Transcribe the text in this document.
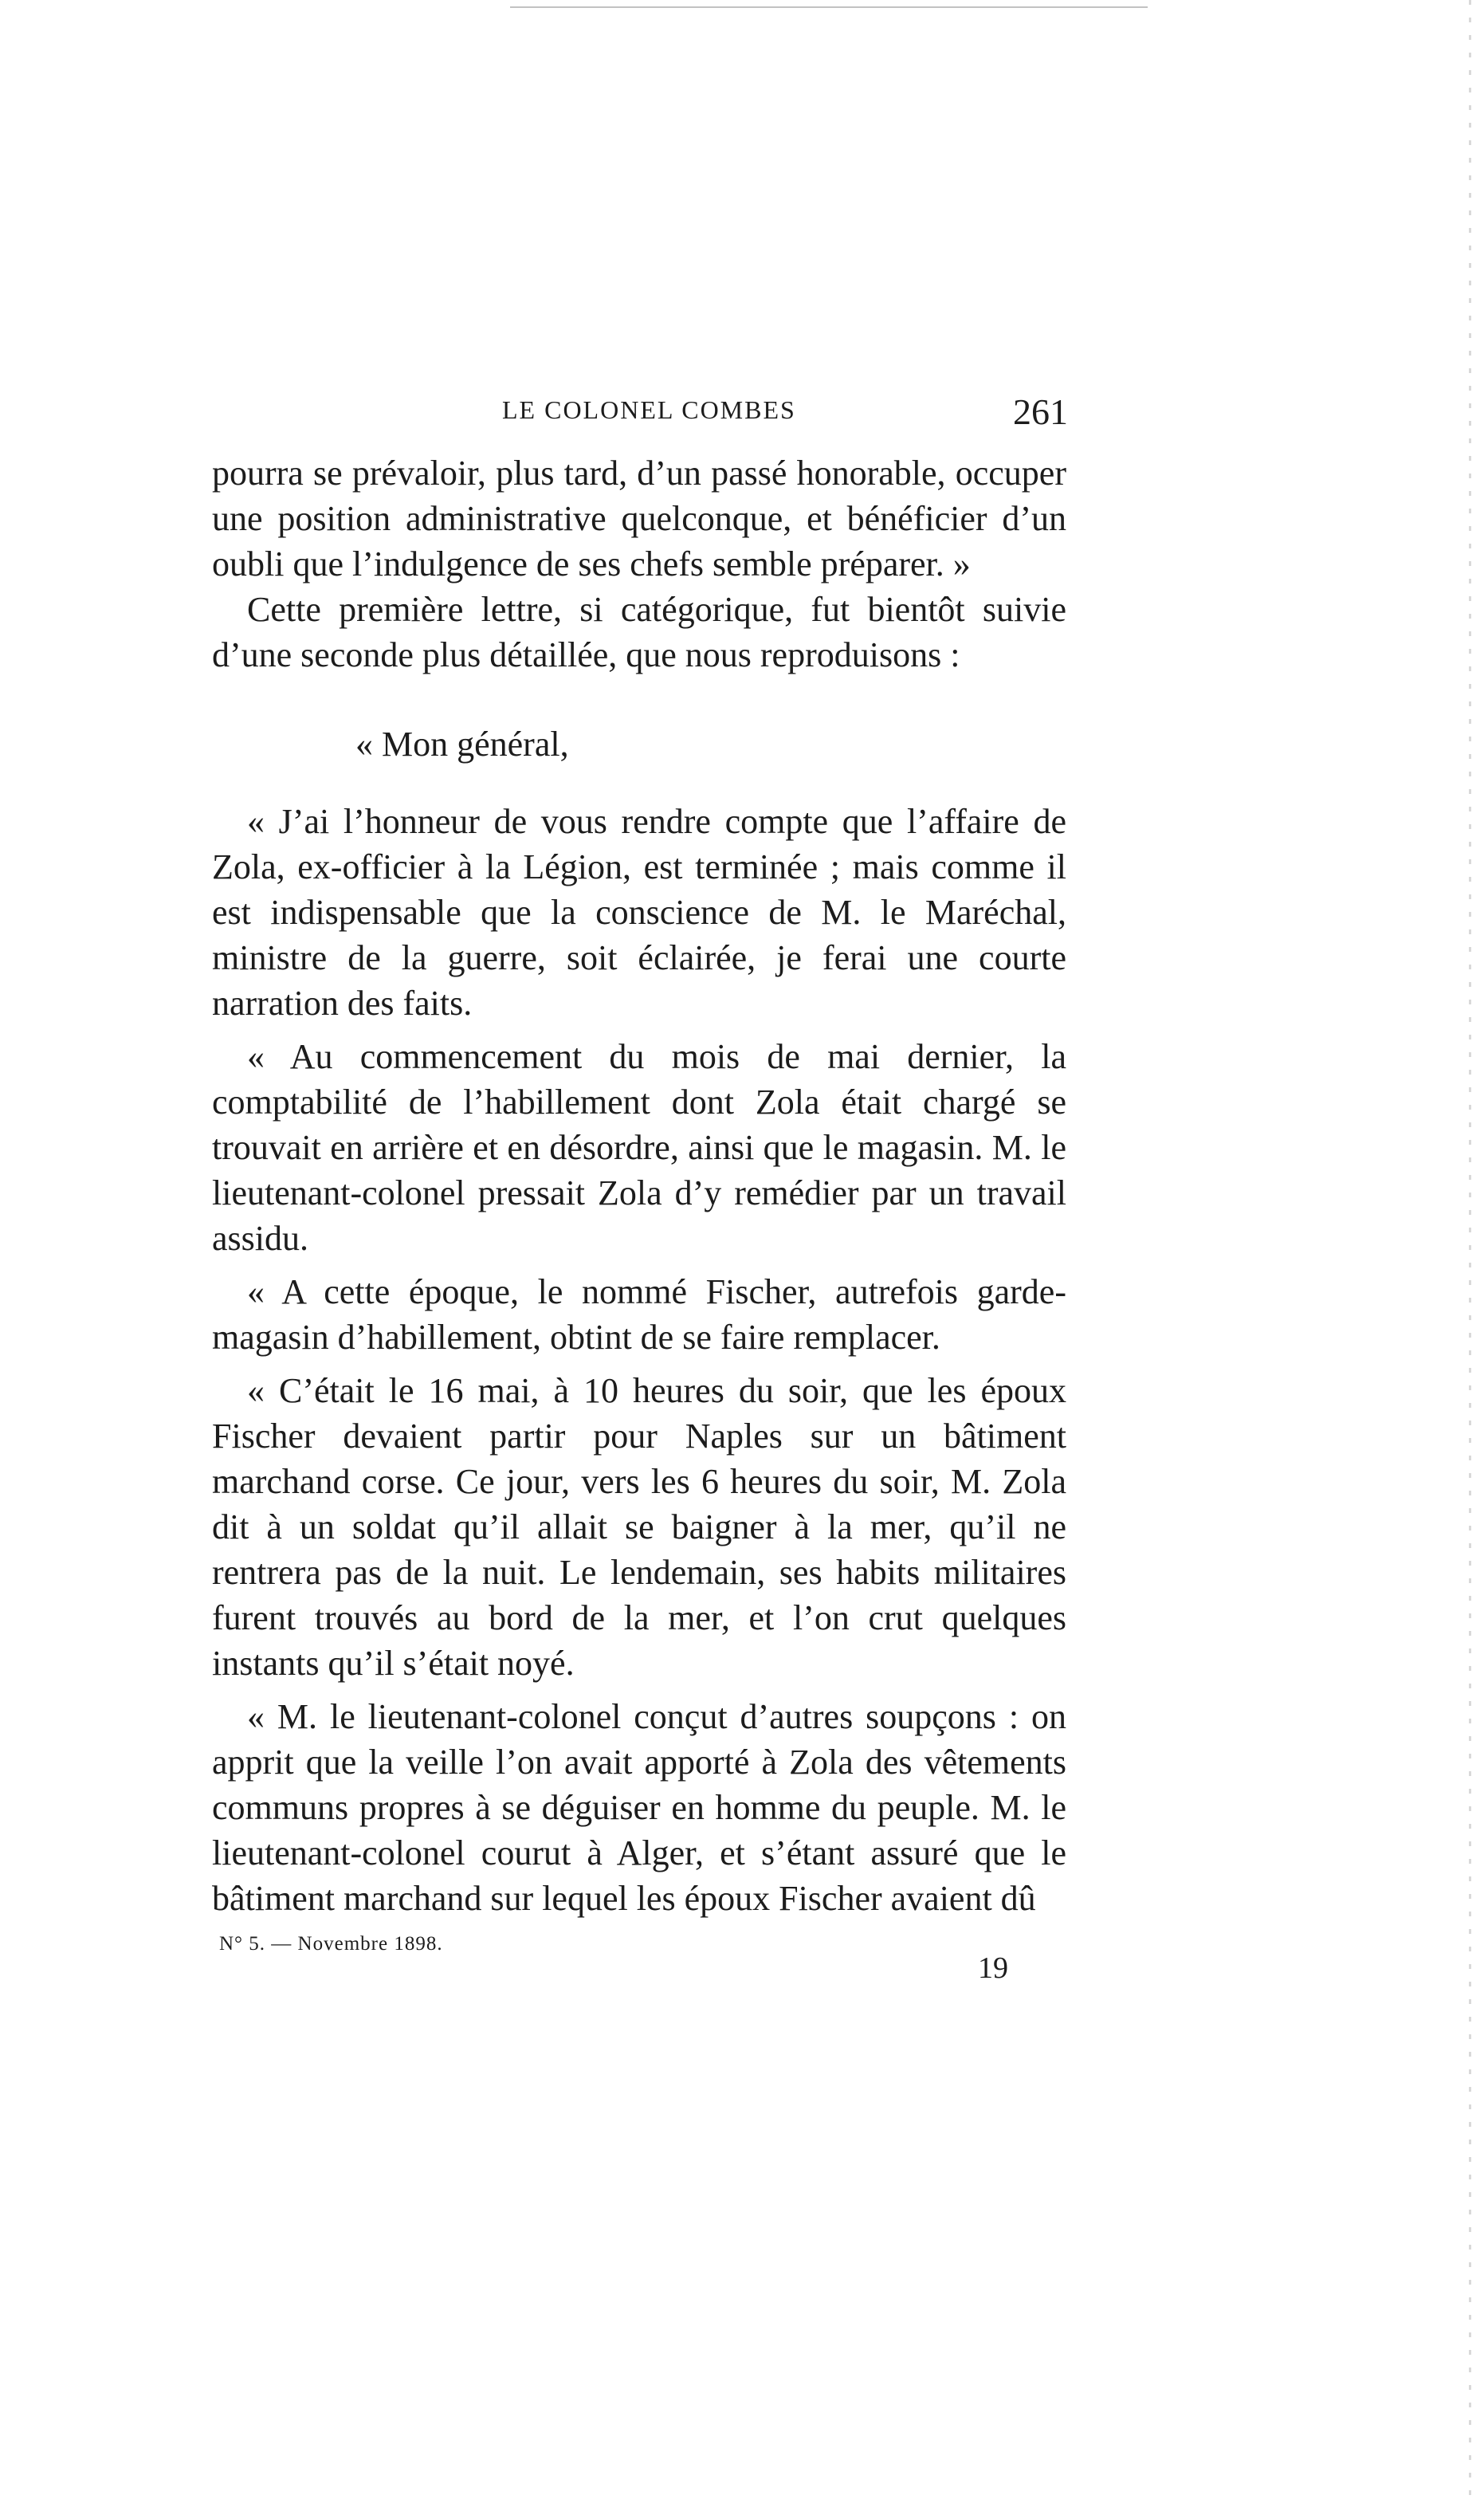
LE COLONEL COMBES	261

pourra se prévaloir, plus tard, d’un passé honorable, occuper une position administrative quelconque, et bénéficier d’un oubli que l’indulgence de ses chefs semble préparer. »

Cette première lettre, si catégorique, fut bientôt suivie d’une seconde plus détaillée, que nous reproduisons :

« Mon général,

« J’ai l’honneur de vous rendre compte que l’affaire de Zola, ex-officier à la Légion, est terminée ; mais comme il est indispensable que la conscience de M. le Maréchal, ministre de la guerre, soit éclairée, je ferai une courte narration des faits.

« Au commencement du mois de mai dernier, la comptabilité de l’habillement dont Zola était chargé se trouvait en arrière et en désordre, ainsi que le magasin. M. le lieutenant-colonel pressait Zola d’y remédier par un travail assidu.

« A cette époque, le nommé Fischer, autrefois garde-magasin d’habillement, obtint de se faire remplacer.

« C’était le 16 mai, à 10 heures du soir, que les époux Fischer devaient partir pour Naples sur un bâtiment marchand corse. Ce jour, vers les 6 heures du soir, M. Zola dit à un soldat qu’il allait se baigner à la mer, qu’il ne rentrera pas de la nuit. Le lendemain, ses habits militaires furent trouvés au bord de la mer, et l’on crut quelques instants qu’il s’était noyé.

« M. le lieutenant-colonel conçut d’autres soupçons : on apprit que la veille l’on avait apporté à Zola des vêtements communs propres à se déguiser en homme du peuple. M. le lieutenant-colonel courut à Alger, et s’étant assuré que le bâtiment marchand sur lequel les époux Fischer avaient dû

N° 5. — Novembre 1898.
19
